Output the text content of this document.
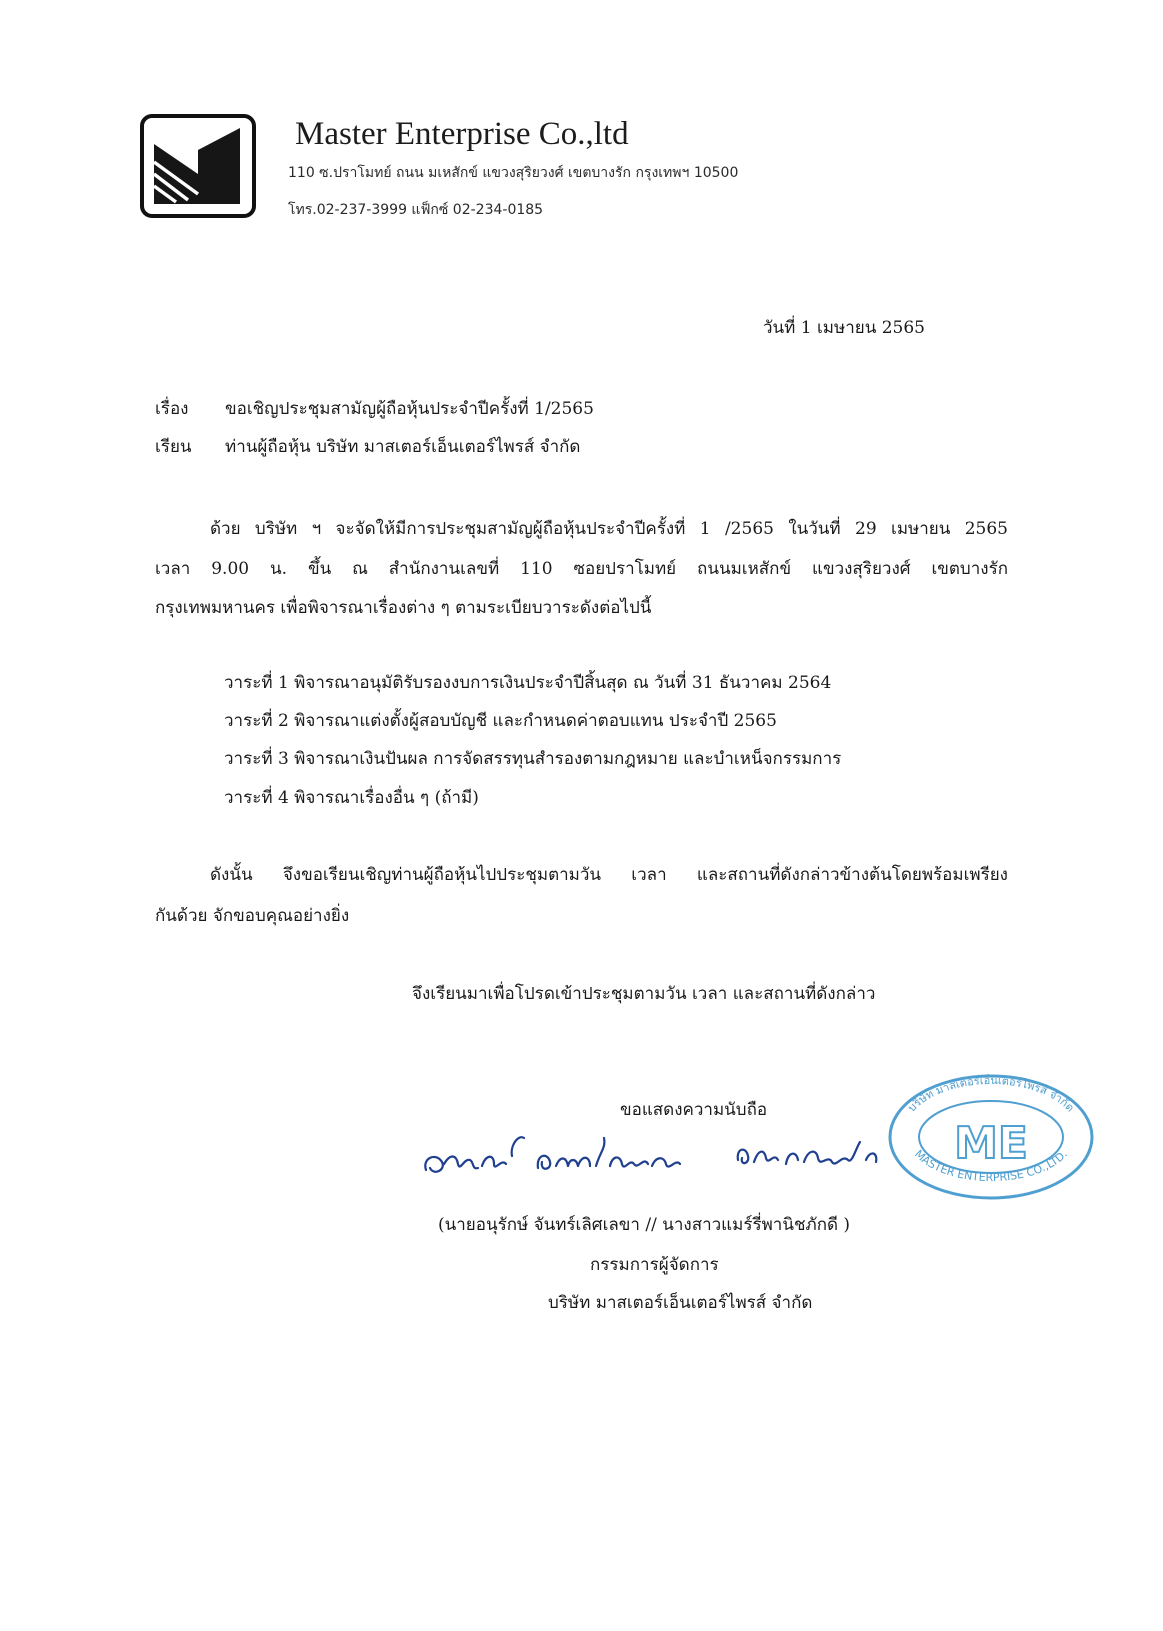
Master Enterprise Co.,ltd
110 ซ.ปราโมทย์ ถนน มเหสักข์ แขวงสุริยวงศ์ เขตบางรัก กรุงเทพฯ 10500
โทร.02-237-3999 แฟ็กซ์ 02-234-0185
วันที่ 1 เมษายน 2565
เรื่อง ขอเชิญประชุมสามัญผู้ถือหุ้นประจำปีครั้งที่ 1/2565
เรียน ท่านผู้ถือหุ้น บริษัท มาสเตอร์เอ็นเตอร์ไพรส์ จำกัด
ด้วย บริษัท ฯ จะจัดให้มีการประชุมสามัญผู้ถือหุ้นประจำปีครั้งที่ 1 /2565 ในวันที่ 29 เมษายน 2565
เวลา 9.00 น. ขึ้น ณ สำนักงานเลขที่ 110 ซอยปราโมทย์ ถนนมเหสักข์ แขวงสุริยวงศ์ เขตบางรัก
กรุงเทพมหานคร เพื่อพิจารณาเรื่องต่าง ๆ ตามระเบียบวาระดังต่อไปนี้
วาระที่ 1 พิจารณาอนุมัติรับรองงบการเงินประจำปีสิ้นสุด ณ วันที่ 31 ธันวาคม 2564
วาระที่ 2 พิจารณาแต่งตั้งผู้สอบบัญชี และกำหนดค่าตอบแทน ประจำปี 2565
วาระที่ 3 พิจารณาเงินปันผล การจัดสรรทุนสำรองตามกฎหมาย และบำเหน็จกรรมการ
วาระที่ 4 พิจารณาเรื่องอื่น ๆ (ถ้ามี)
ดังนั้น จึงขอเรียนเชิญท่านผู้ถือหุ้นไปประชุมตามวัน เวลา และสถานที่ดังกล่าวข้างต้นโดยพร้อมเพรียง
กันด้วย จักขอบคุณอย่างยิ่ง
จึงเรียนมาเพื่อโปรดเข้าประชุมตามวัน เวลา และสถานที่ดังกล่าว
ขอแสดงความนับถือ
ME
บริษัท มาสเตอร์เอ็นเตอร์ไพรส์ จำกัด
MASTER ENTERPRISE CO.,LTD.
(นายอนุรักษ์ จันทร์เลิศเลขา // นางสาวแมร์รี่พานิชภักดี )
กรรมการผู้จัดการ
บริษัท มาสเตอร์เอ็นเตอร์ไพรส์ จำกัด
